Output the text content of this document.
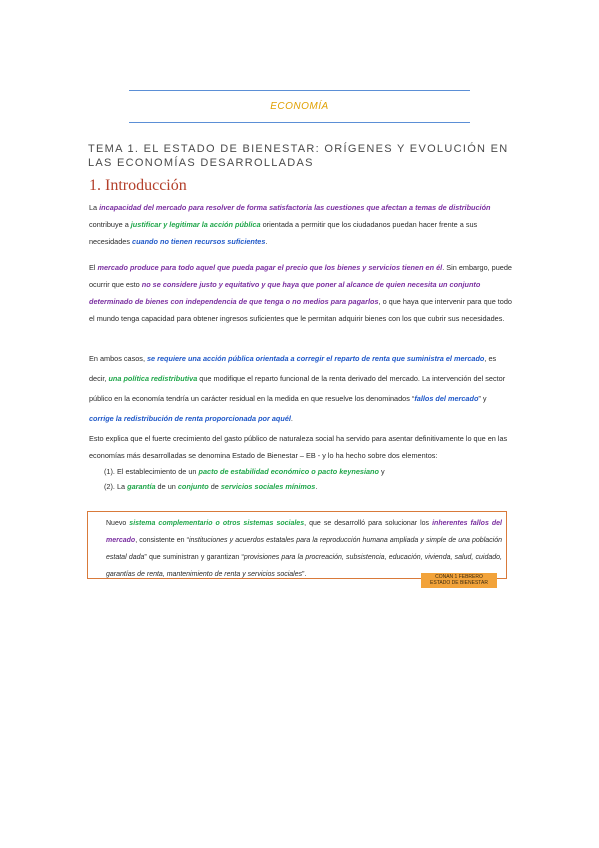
ECONOMÍA
TEMA 1. EL ESTADO DE BIENESTAR: ORÍGENES Y EVOLUCIÓN EN LAS ECONOMÍAS DESARROLLADAS
1. Introducción
La incapacidad del mercado para resolver de forma satisfactoria las cuestiones que afectan a temas de distribución contribuye a justificar y legitimar la acción pública orientada a permitir que los ciudadanos puedan hacer frente a sus necesidades cuando no tienen recursos suficientes.
El mercado produce para todo aquel que pueda pagar el precio que los bienes y servicios tienen en él. Sin embargo, puede ocurrir que esto no se considere justo y equitativo y que haya que poner al alcance de quien necesita un conjunto determinado de bienes con independencia de que tenga o no medios para pagarlos, o que haya que intervenir para que todo el mundo tenga capacidad para obtener ingresos suficientes que le permitan adquirir bienes con los que cubrir sus necesidades.
En ambos casos, se requiere una acción pública orientada a corregir el reparto de renta que suministra el mercado, es decir, una política redistributiva que modifique el reparto funcional de la renta derivado del mercado. La intervención del sector público en la economía tendría un carácter residual en la medida en que resuelve los denominados “fallos del mercado” y corrige la redistribución de renta proporcionada por aquél.
Esto explica que el fuerte crecimiento del gasto público de naturaleza social ha servido para asentar definitivamente lo que en las economías más desarrolladas se denomina Estado de Bienestar – EB - y lo ha hecho sobre dos elementos:
(1). El establecimiento de un pacto de estabilidad económico o pacto keynesiano y
(2). La garantía de un conjunto de servicios sociales mínimos.
Nuevo sistema complementario o otros sistemas sociales, que se desarrolló para solucionar los inherentes fallos del mercado, consistente en “instituciones y acuerdos estatales para la reproducción humana ampliada y simple de una población estatal dada” que suministran y garantizan “provisiones para la procreación, subsistencia, educación, vivienda, salud, cuidado, garantías de renta, mantenimiento de renta y servicios sociales”.	CONAN 1 FEBRERO
ESTADO DE BIENESTAR
